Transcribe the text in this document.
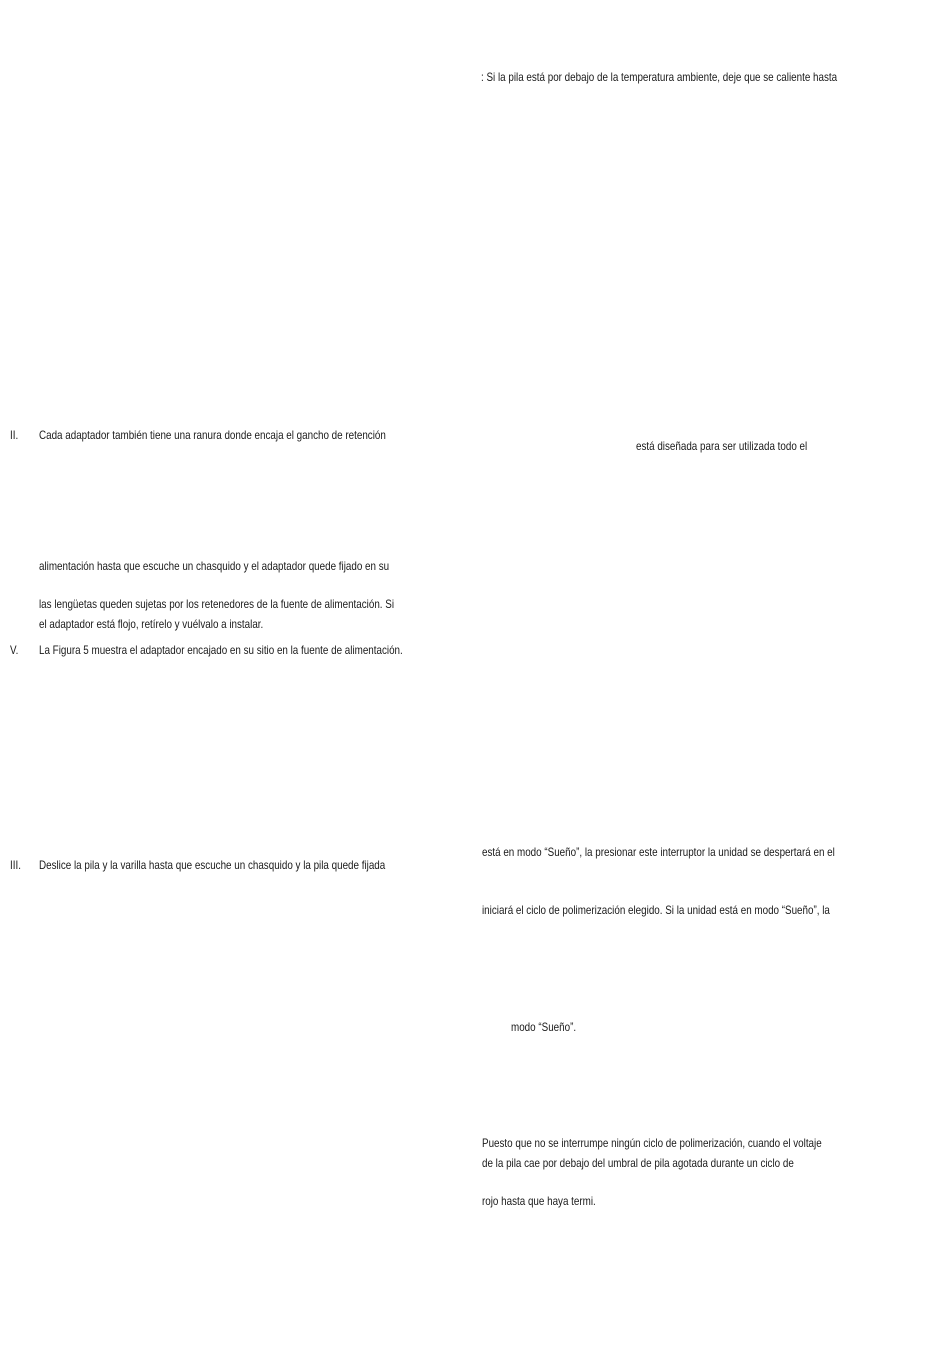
II. Cada adaptador también tiene una ranura donde encaja el gancho de retención
alimentación hasta que escuche un chasquido y el adaptador quede fijado en su
las lengüetas queden sujetas por los retenedores de la fuente de alimentación. Si
el adaptador está flojo, retírelo y vuélvalo a instalar.
V. La Figura 5 muestra el adaptador encajado en su sitio en la fuente de alimentación.
III. Deslice la pila y la varilla hasta que escuche un chasquido y la pila quede fijada
: Si la pila está por debajo de la temperatura ambiente, deje que se caliente hasta
está diseñada para ser utilizada todo el
está en modo “Sueño”, la presionar este interruptor la unidad se despertará en el
iniciará el ciclo de polimerización elegido. Si la unidad está en modo “Sueño”, la
modo “Sueño”.
Puesto que no se interrumpe ningún ciclo de polimerización, cuando el voltaje
de la pila cae por debajo del umbral de pila agotada durante un ciclo de
rojo hasta que haya termi.
